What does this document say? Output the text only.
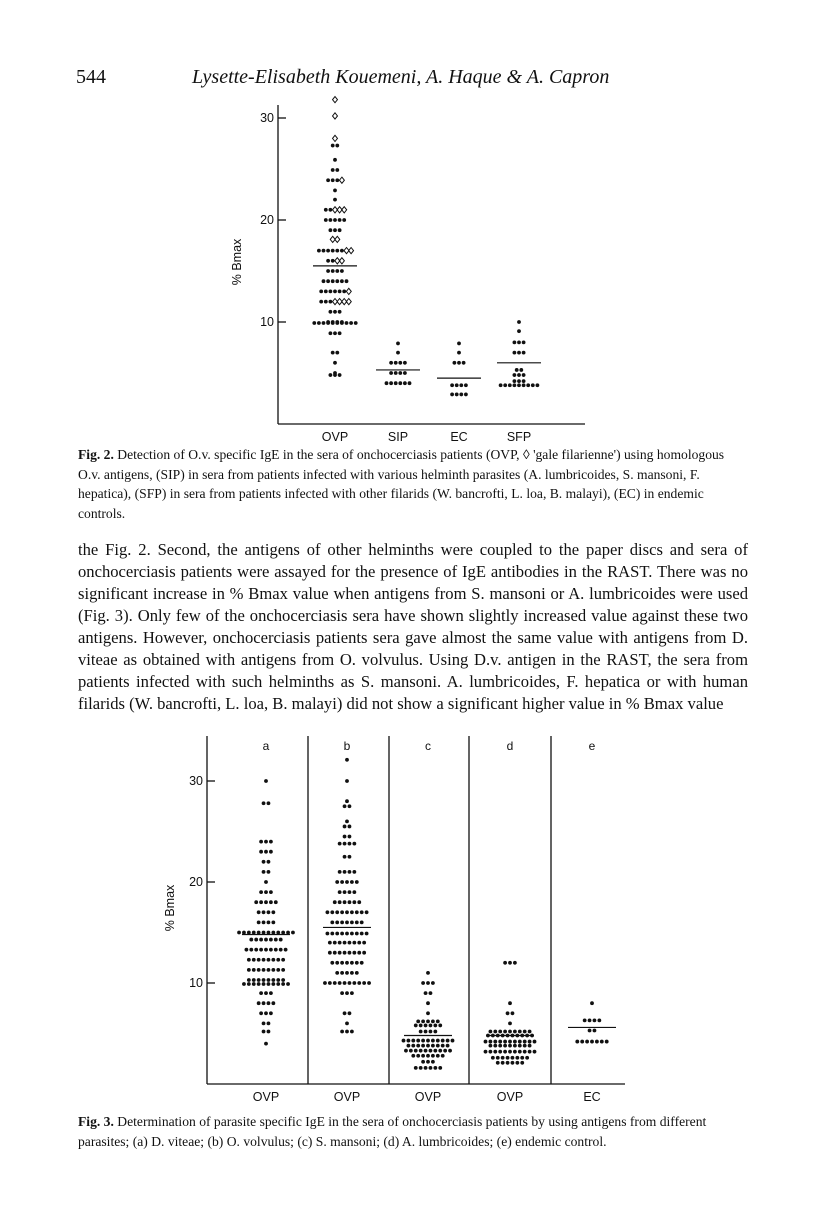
544	Lysette-Elisabeth Kouemeni, A. Haque & A. Capron
10
20
30
% Bmax
OVP	SIP	EC	SFP
Fig. 2. Detection of O.v. specific IgE in the sera of onchocerciasis patients (OVP, ◊ 'gale filarienne') using homologous O.v. antigens, (SIP) in sera from patients infected with various helminth parasites (A. lumbricoides, S. mansoni, F. hepatica), (SFP) in sera from patients infected with other filarids (W. bancrofti, L. loa, B. malayi), (EC) in endemic controls.

the Fig. 2. Second, the antigens of other helminths were coupled to the paper discs and sera of onchocerciasis patients were assayed for the presence of IgE antibodies in the RAST. There was no significant increase in % Bmax value when antigens from S. mansoni or A. lumbricoides were used (Fig. 3). Only few of the onchocerciasis sera have shown slightly increased value against these two antigens. However, onchocerciasis patients sera gave almost the same value with antigens from D. viteae as obtained with antigens from O. volvulus. Using D.v. antigen in the RAST, the sera from patients infected with such helminths as S. mansoni. A. lumbricoides, F. hepatica or with human filarids (W. bancrofti, L. loa, B. malayi) did not show a significant higher value in % Bmax value

10
20
30
% Bmax
OVP
a
OVP
b
OVP
c
OVP
d
EC
e
Fig. 3. Determination of parasite specific IgE in the sera of onchocerciasis patients by using antigens from different parasites; (a) D. viteae; (b) O. volvulus; (c) S. mansoni; (d) A. lumbricoides; (e) endemic control.
